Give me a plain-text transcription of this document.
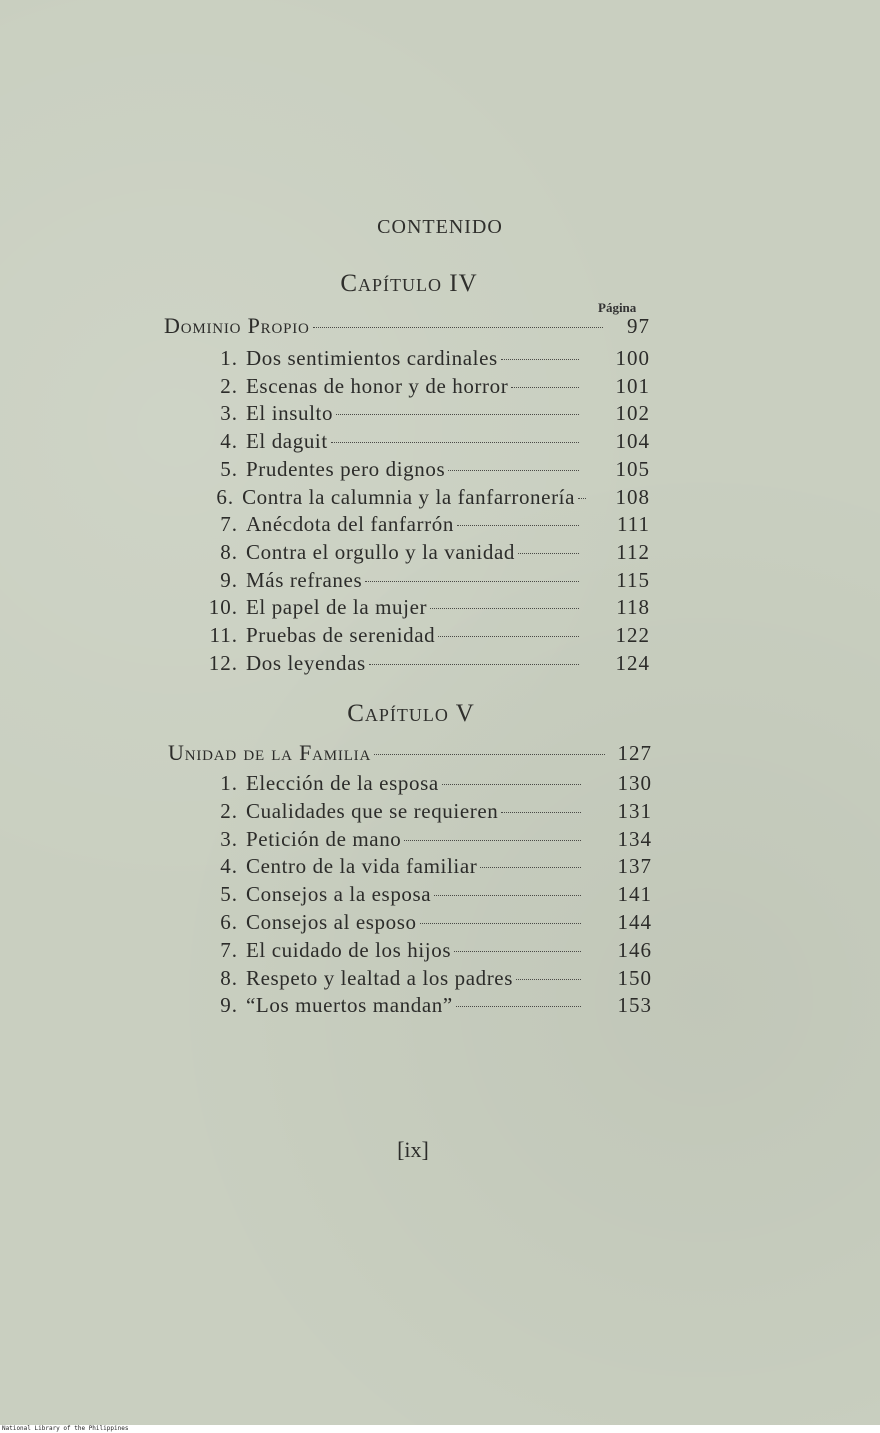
CONTENIDO
Capítulo IV
Página
Dominio Propio	97
1. Dos sentimientos cardinales	100
2. Escenas de honor y de horror	101
3. El insulto	102
4. El daguit	104
5. Prudentes pero dignos	105
6. Contra la calumnia y la fanfarronería	108
7. Anécdota del fanfarrón	111
8. Contra el orgullo y la vanidad	112
9. Más refranes	115
10. El papel de la mujer	118
11. Pruebas de serenidad	122
12. Dos leyendas	124
Capítulo V
Unidad de la Familia	127
1. Elección de la esposa	130
2. Cualidades que se requieren	131
3. Petición de mano	134
4. Centro de la vida familiar	137
5. Consejos a la esposa	141
6. Consejos al esposo	144
7. El cuidado de los hijos	146
8. Respeto y lealtad a los padres	150
9. “Los muertos mandan”	153
[ix]
National Library of the Philippines
